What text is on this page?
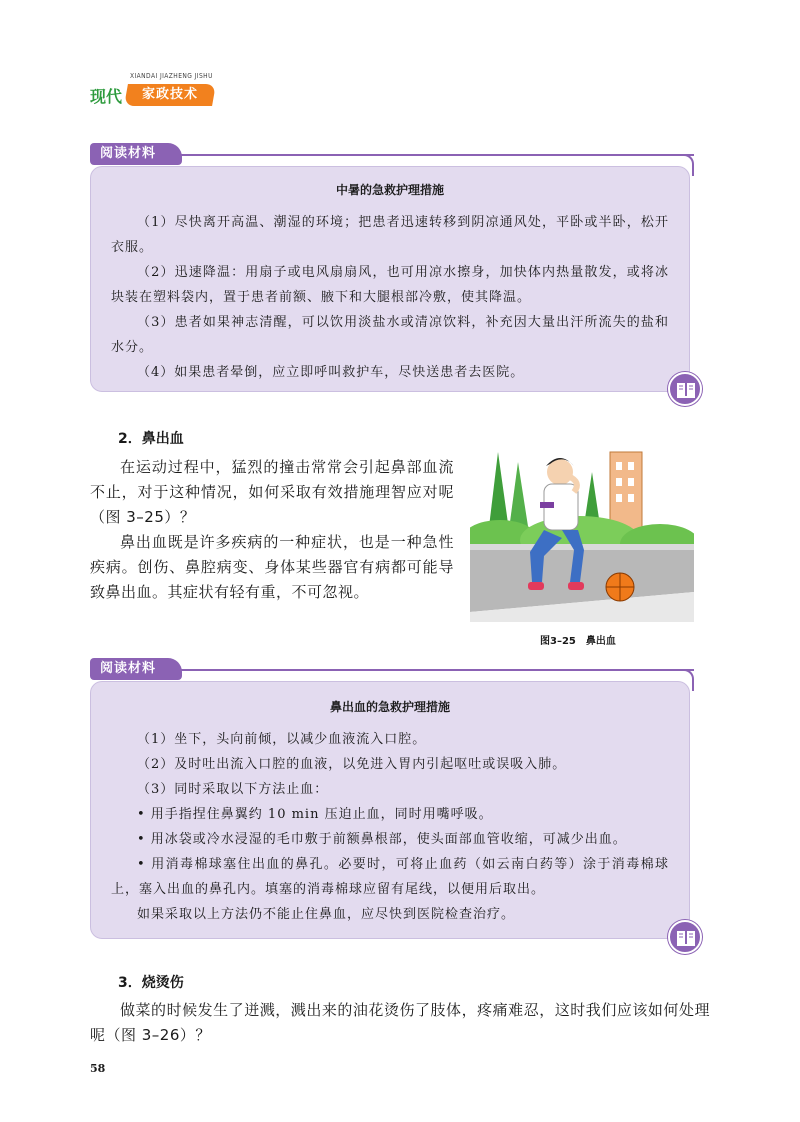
XIANDAI JIAZHENG JISHU
现代	家政技术
阅读材料
中暑的急救护理措施

（1）尽快离开高温、潮湿的环境；把患者迅速转移到阴凉通风处，平卧或半卧，松开衣服。

（2）迅速降温：用扇子或电风扇扇风，也可用凉水擦身，加快体内热量散发，或将冰块装在塑料袋内，置于患者前额、腋下和大腿根部冷敷，使其降温。

（3）患者如果神志清醒，可以饮用淡盐水或清凉饮料，补充因大量出汗所流失的盐和水分。

（4）如果患者晕倒，应立即呼叫救护车，尽快送患者去医院。

2．鼻出血

在运动过程中，猛烈的撞击常常会引起鼻部血流不止，对于这种情况，如何采取有效措施理智应对呢（图 3–25）？

鼻出血既是许多疾病的一种症状，也是一种急性疾病。创伤、鼻腔病变、身体某些器官有病都可能导致鼻出血。其症状有轻有重，不可忽视。

图3–25　鼻出血
阅读材料
鼻出血的急救护理措施

（1）坐下，头向前倾，以减少血液流入口腔。

（2）及时吐出流入口腔的血液，以免进入胃内引起呕吐或误吸入肺。

（3）同时采取以下方法止血：

• 用手指捏住鼻翼约 10 min 压迫止血，同时用嘴呼吸。

• 用冰袋或冷水浸湿的毛巾敷于前额鼻根部，使头面部血管收缩，可减少出血。

• 用消毒棉球塞住出血的鼻孔。必要时，可将止血药（如云南白药等）涂于消毒棉球上，塞入出血的鼻孔内。填塞的消毒棉球应留有尾线，以便用后取出。

如果采取以上方法仍不能止住鼻血，应尽快到医院检查治疗。

3．烧烫伤

做菜的时候发生了迸溅，溅出来的油花烫伤了肢体，疼痛难忍，这时我们应该如何处理呢（图 3–26）？

58
